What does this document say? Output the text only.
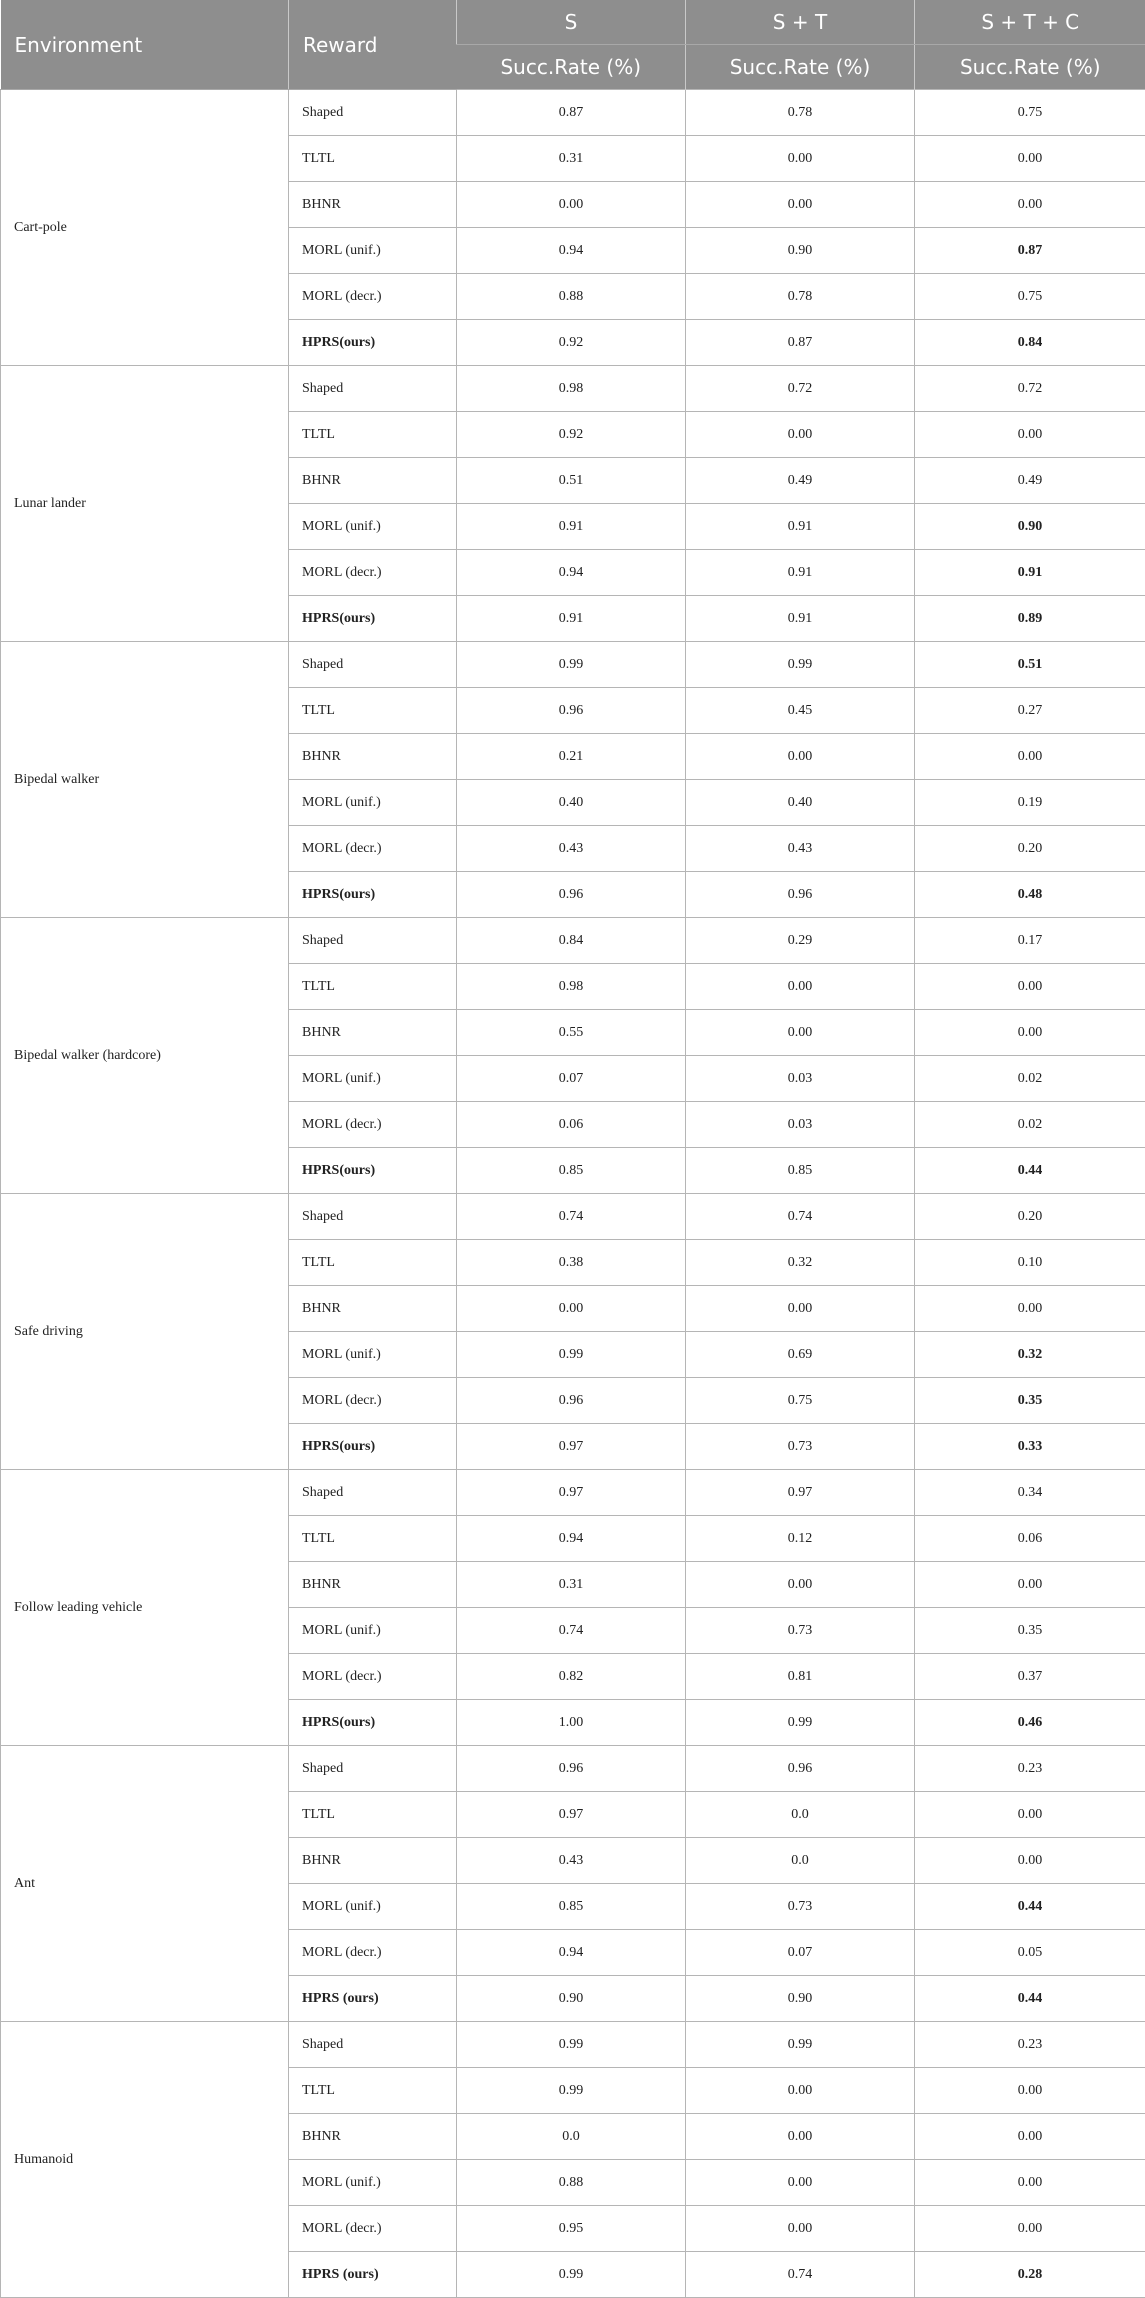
Environment	Reward	S	S + T	S + T + C
		Succ.Rate (%)	Succ.Rate (%)	Succ.Rate (%)
Cart-pole	Shaped	0.87	0.78	0.75
	TLTL	0.31	0.00	0.00
	BHNR	0.00	0.00	0.00
	MORL (unif.)	0.94	0.90	0.87
	MORL (decr.)	0.88	0.78	0.75
	HPRS(ours)	0.92	0.87	0.84
Lunar lander	Shaped	0.98	0.72	0.72
	TLTL	0.92	0.00	0.00
	BHNR	0.51	0.49	0.49
	MORL (unif.)	0.91	0.91	0.90
	MORL (decr.)	0.94	0.91	0.91
	HPRS(ours)	0.91	0.91	0.89
Bipedal walker	Shaped	0.99	0.99	0.51
	TLTL	0.96	0.45	0.27
	BHNR	0.21	0.00	0.00
	MORL (unif.)	0.40	0.40	0.19
	MORL (decr.)	0.43	0.43	0.20
	HPRS(ours)	0.96	0.96	0.48
Bipedal walker (hardcore)	Shaped	0.84	0.29	0.17
	TLTL	0.98	0.00	0.00
	BHNR	0.55	0.00	0.00
	MORL (unif.)	0.07	0.03	0.02
	MORL (decr.)	0.06	0.03	0.02
	HPRS(ours)	0.85	0.85	0.44
Safe driving	Shaped	0.74	0.74	0.20
	TLTL	0.38	0.32	0.10
	BHNR	0.00	0.00	0.00
	MORL (unif.)	0.99	0.69	0.32
	MORL (decr.)	0.96	0.75	0.35
	HPRS(ours)	0.97	0.73	0.33
Follow leading vehicle	Shaped	0.97	0.97	0.34
	TLTL	0.94	0.12	0.06
	BHNR	0.31	0.00	0.00
	MORL (unif.)	0.74	0.73	0.35
	MORL (decr.)	0.82	0.81	0.37
	HPRS(ours)	1.00	0.99	0.46
Ant	Shaped	0.96	0.96	0.23
	TLTL	0.97	0.0	0.00
	BHNR	0.43	0.0	0.00
	MORL (unif.)	0.85	0.73	0.44
	MORL (decr.)	0.94	0.07	0.05
	HPRS (ours)	0.90	0.90	0.44
Humanoid	Shaped	0.99	0.99	0.23
	TLTL	0.99	0.00	0.00
	BHNR	0.0	0.00	0.00
	MORL (unif.)	0.88	0.00	0.00
	MORL (decr.)	0.95	0.00	0.00
	HPRS (ours)	0.99	0.74	0.28
